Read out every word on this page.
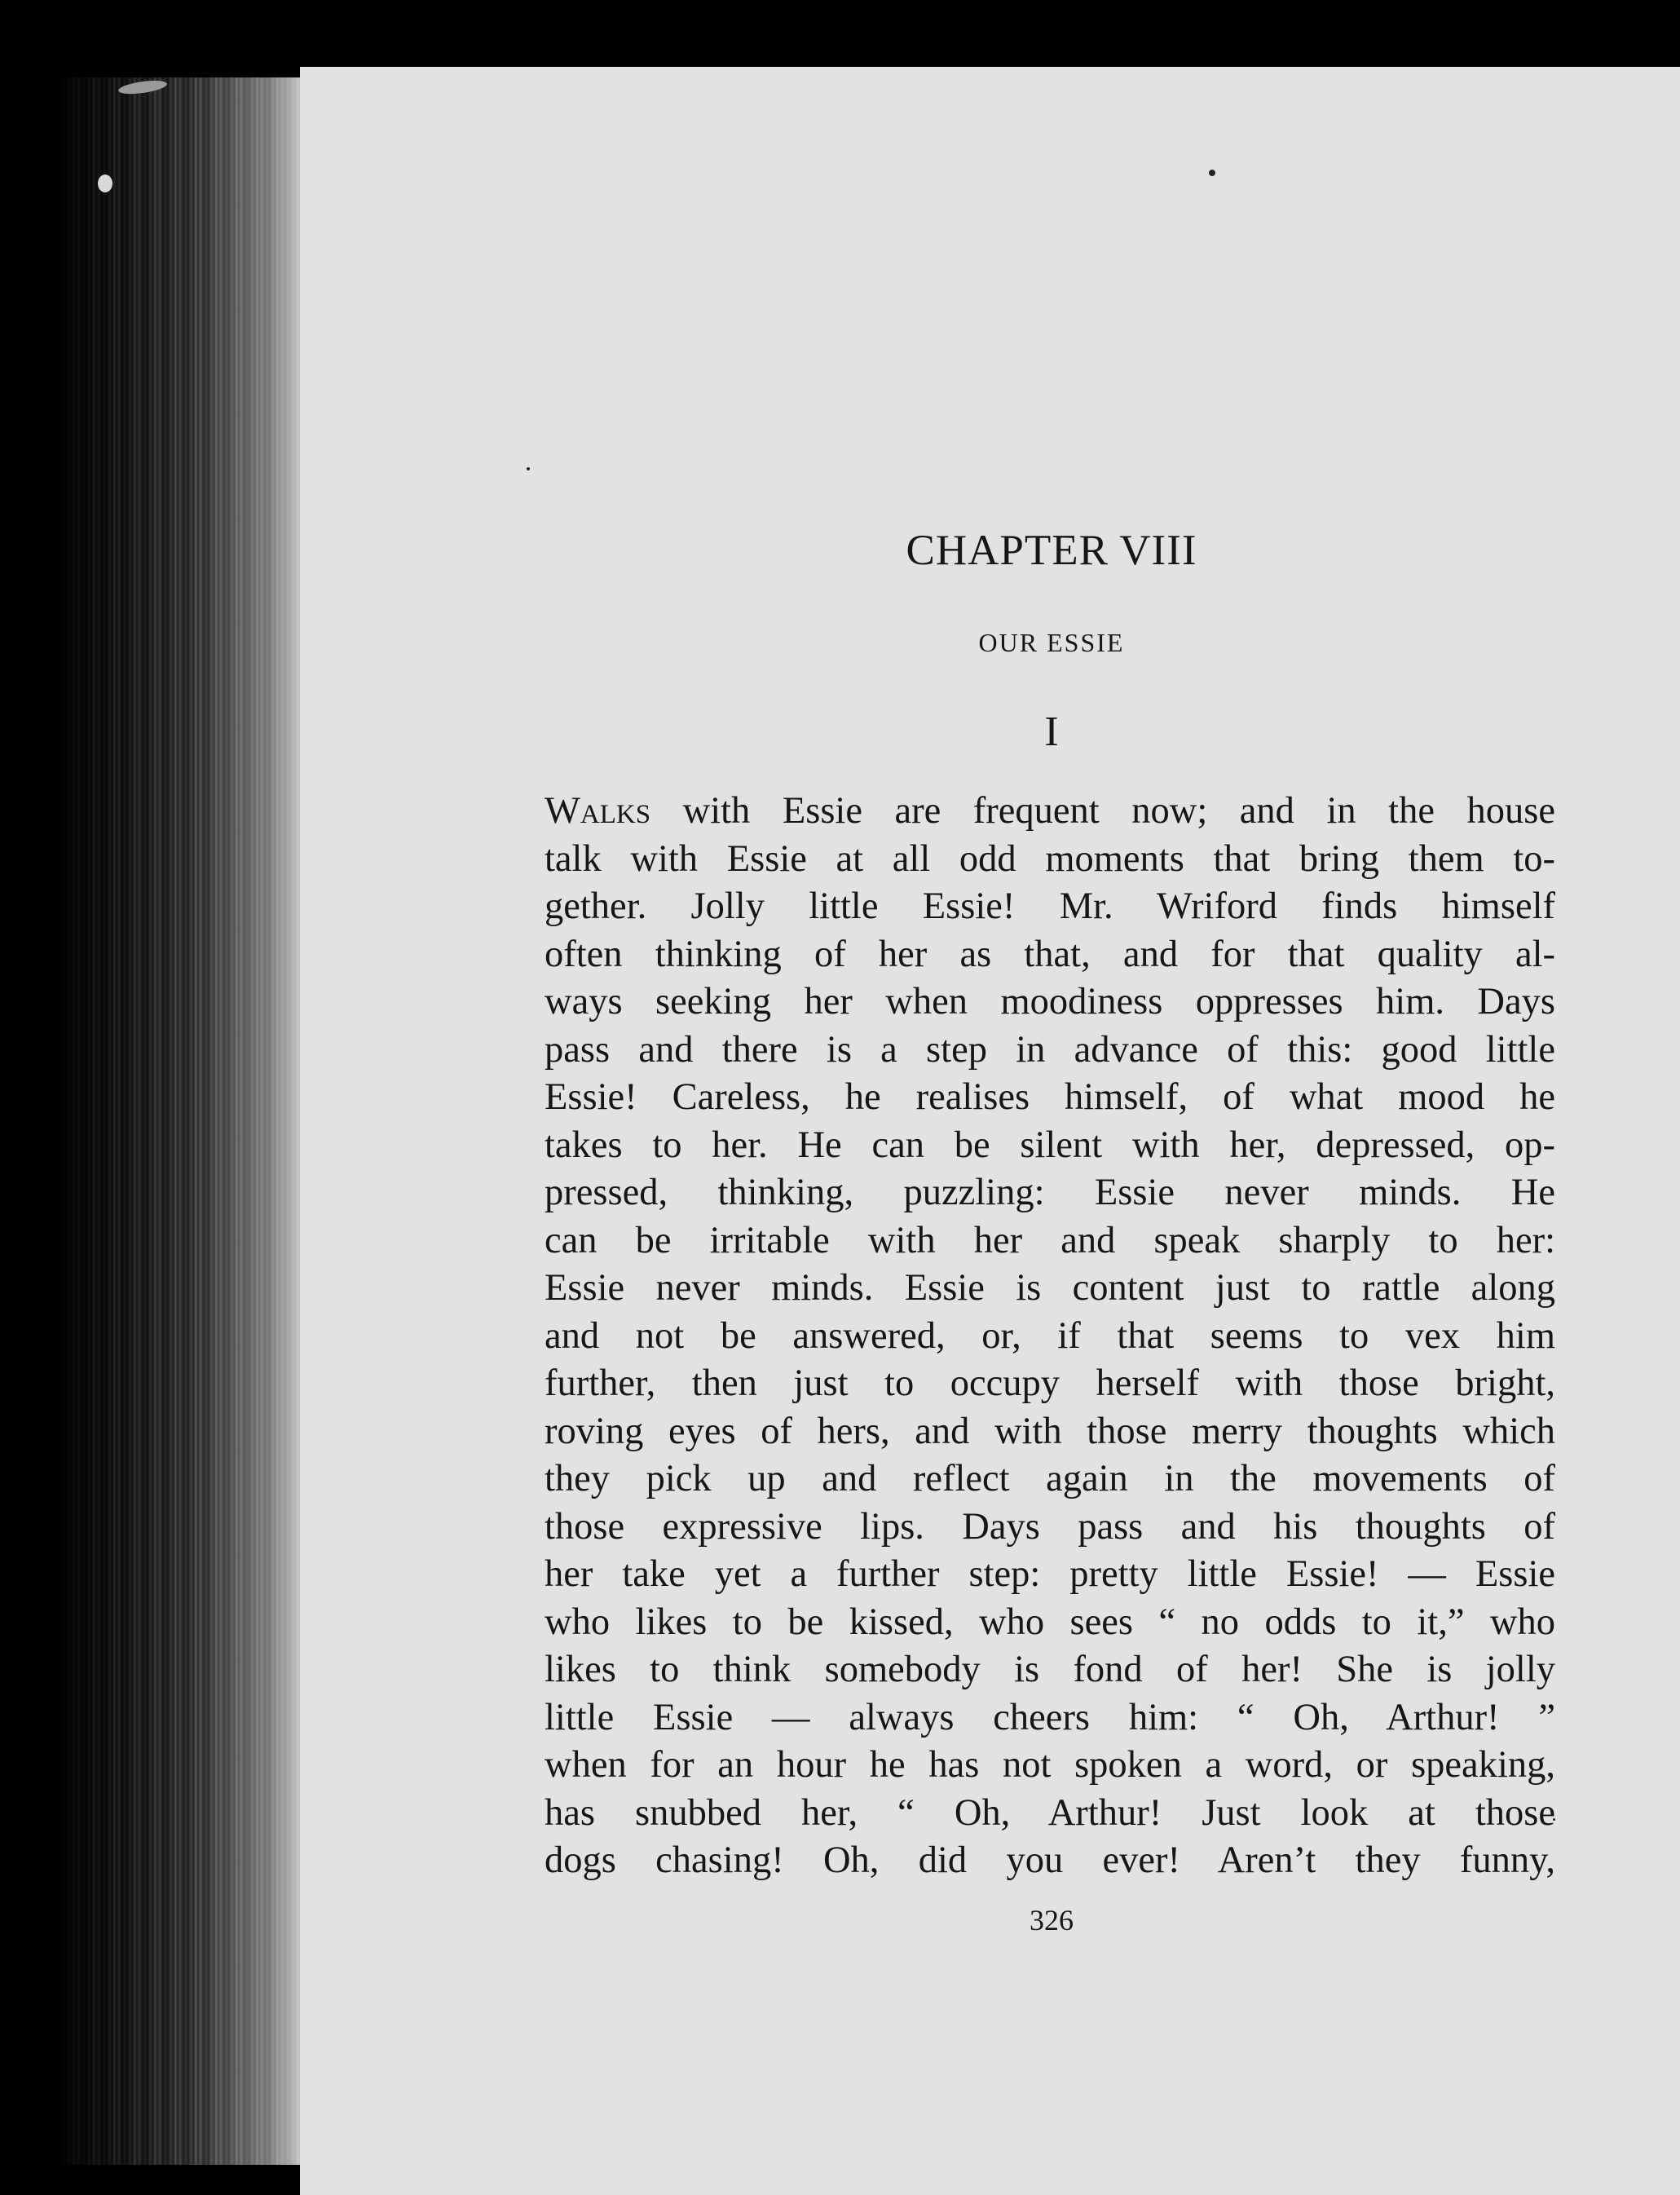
CHAPTER VIII

OUR ESSIE

I

Walks with Essie are frequent now; and in the house
talk with Essie at all odd moments that bring them to-
gether. Jolly little Essie! Mr. Wriford finds himself
often thinking of her as that, and for that quality al-
ways seeking her when moodiness oppresses him. Days
pass and there is a step in advance of this: good little
Essie! Careless, he realises himself, of what mood he
takes to her. He can be silent with her, depressed, op-
pressed, thinking, puzzling: Essie never minds. He
can be irritable with her and speak sharply to her:
Essie never minds. Essie is content just to rattle along
and not be answered, or, if that seems to vex him
further, then just to occupy herself with those bright,
roving eyes of hers, and with those merry thoughts which
they pick up and reflect again in the movements of
those expressive lips. Days pass and his thoughts of
her take yet a further step: pretty little Essie! — Essie
who likes to be kissed, who sees “ no odds to it,” who
likes to think somebody is fond of her! She is jolly
little Essie — always cheers him: “ Oh, Arthur! ”
when for an hour he has not spoken a word, or speaking,
has snubbed her, “ Oh, Arthur! Just look at those
dogs chasing! Oh, did you ever! Aren’t they funny,

326
